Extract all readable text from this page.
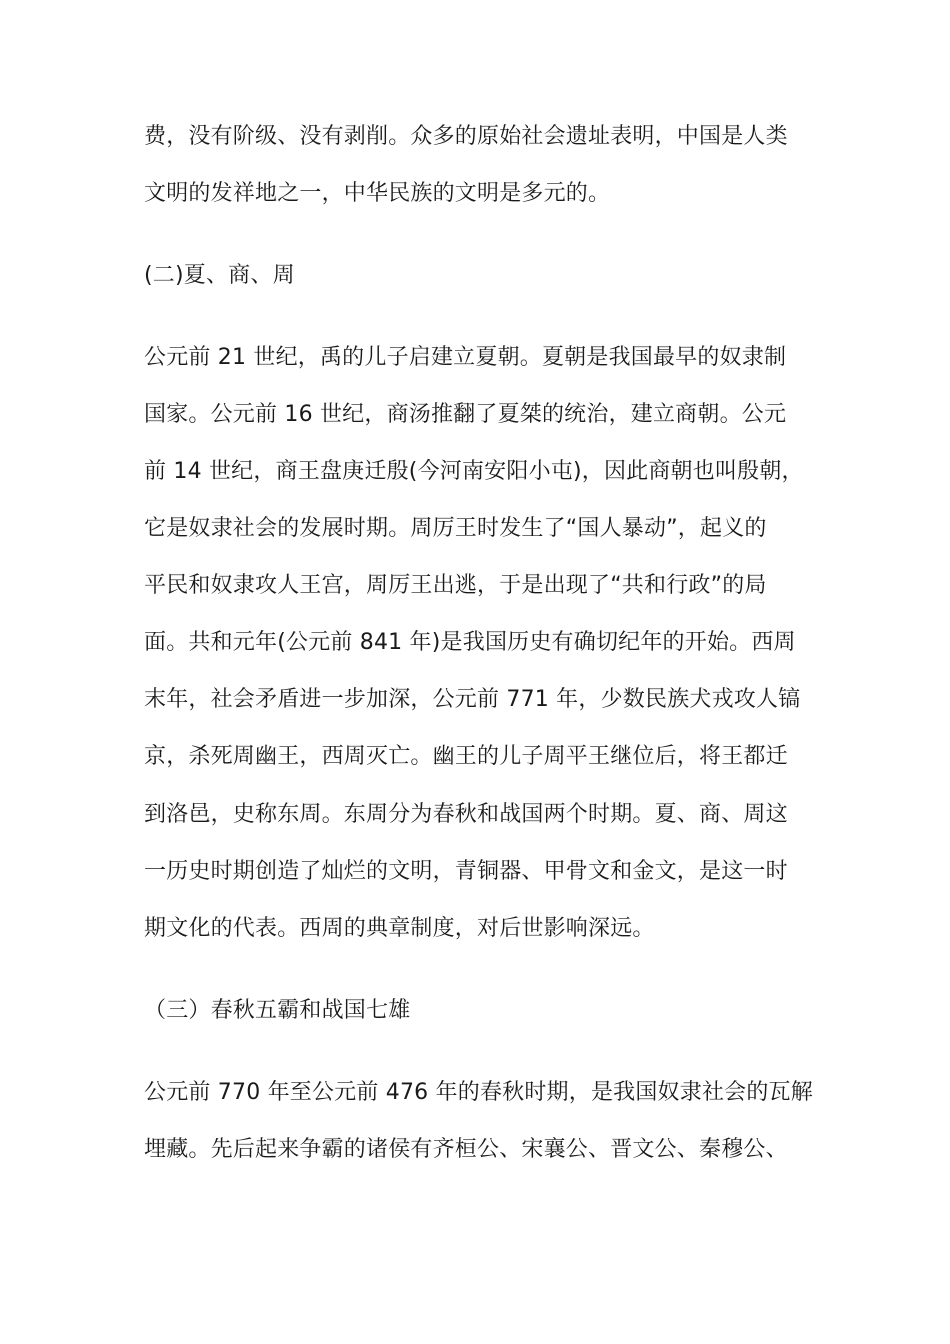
费，没有阶级、没有剥削。众多的原始社会遗址表明，中国是人类
文明的发祥地之一，中华民族的文明是多元的。
(二)夏、商、周
公元前 21 世纪，禹的儿子启建立夏朝。夏朝是我国最早的奴隶制
国家。公元前 16 世纪，商汤推翻了夏桀的统治，建立商朝。公元
前 14 世纪，商王盘庚迁殷(今河南安阳小屯)，因此商朝也叫殷朝，
它是奴隶社会的发展时期。周厉王时发生了“国人暴动”，起义的
平民和奴隶攻人王宫，周厉王出逃，于是出现了“共和行政”的局
面。共和元年(公元前 841 年)是我国历史有确切纪年的开始。西周
末年，社会矛盾进一步加深，公元前 771 年，少数民族犬戎攻人镐
京，杀死周幽王，西周灭亡。幽王的儿子周平王继位后，将王都迁
到洛邑，史称东周。东周分为春秋和战国两个时期。夏、商、周这
一历史时期创造了灿烂的文明，青铜器、甲骨文和金文，是这一时
期文化的代表。西周的典章制度，对后世影响深远。
（三）春秋五霸和战国七雄
公元前 770 年至公元前 476 年的春秋时期，是我国奴隶社会的瓦解
埋藏。先后起来争霸的诸侯有齐桓公、宋襄公、晋文公、秦穆公、
